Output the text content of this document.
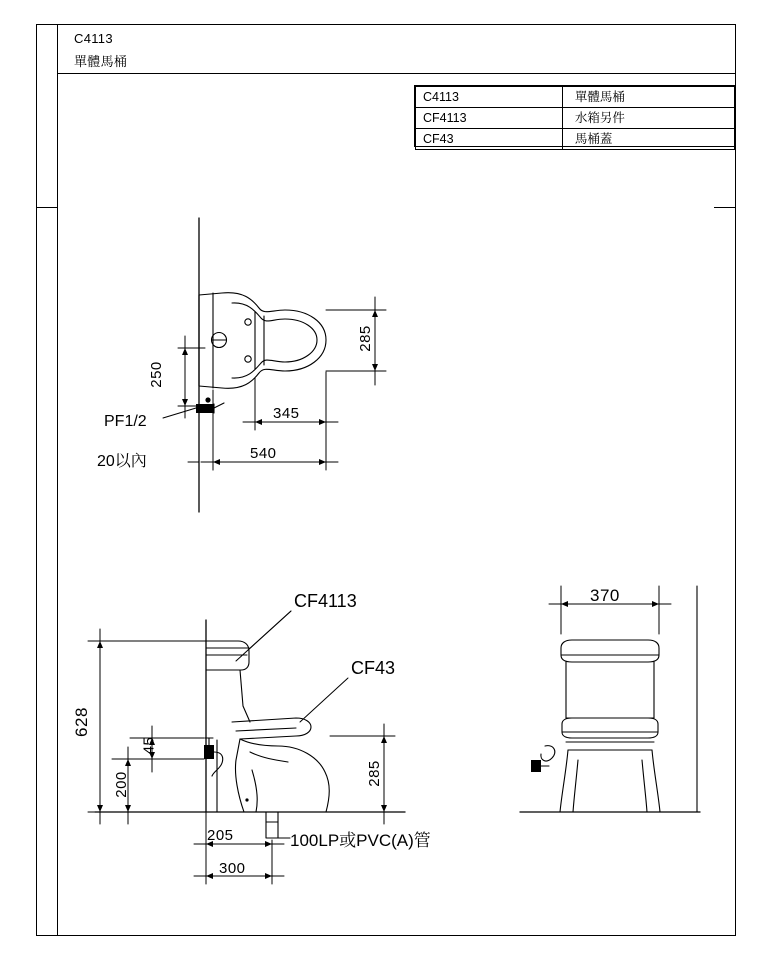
C4113
單體馬桶
C4113	單體馬桶
CF4113	水箱另件
CF43	馬桶蓋
285
250
345
540
PF1/2
20以內
628
45
200	285
205
300
CF4113
CF43
100LP或PVC(A)管
370
